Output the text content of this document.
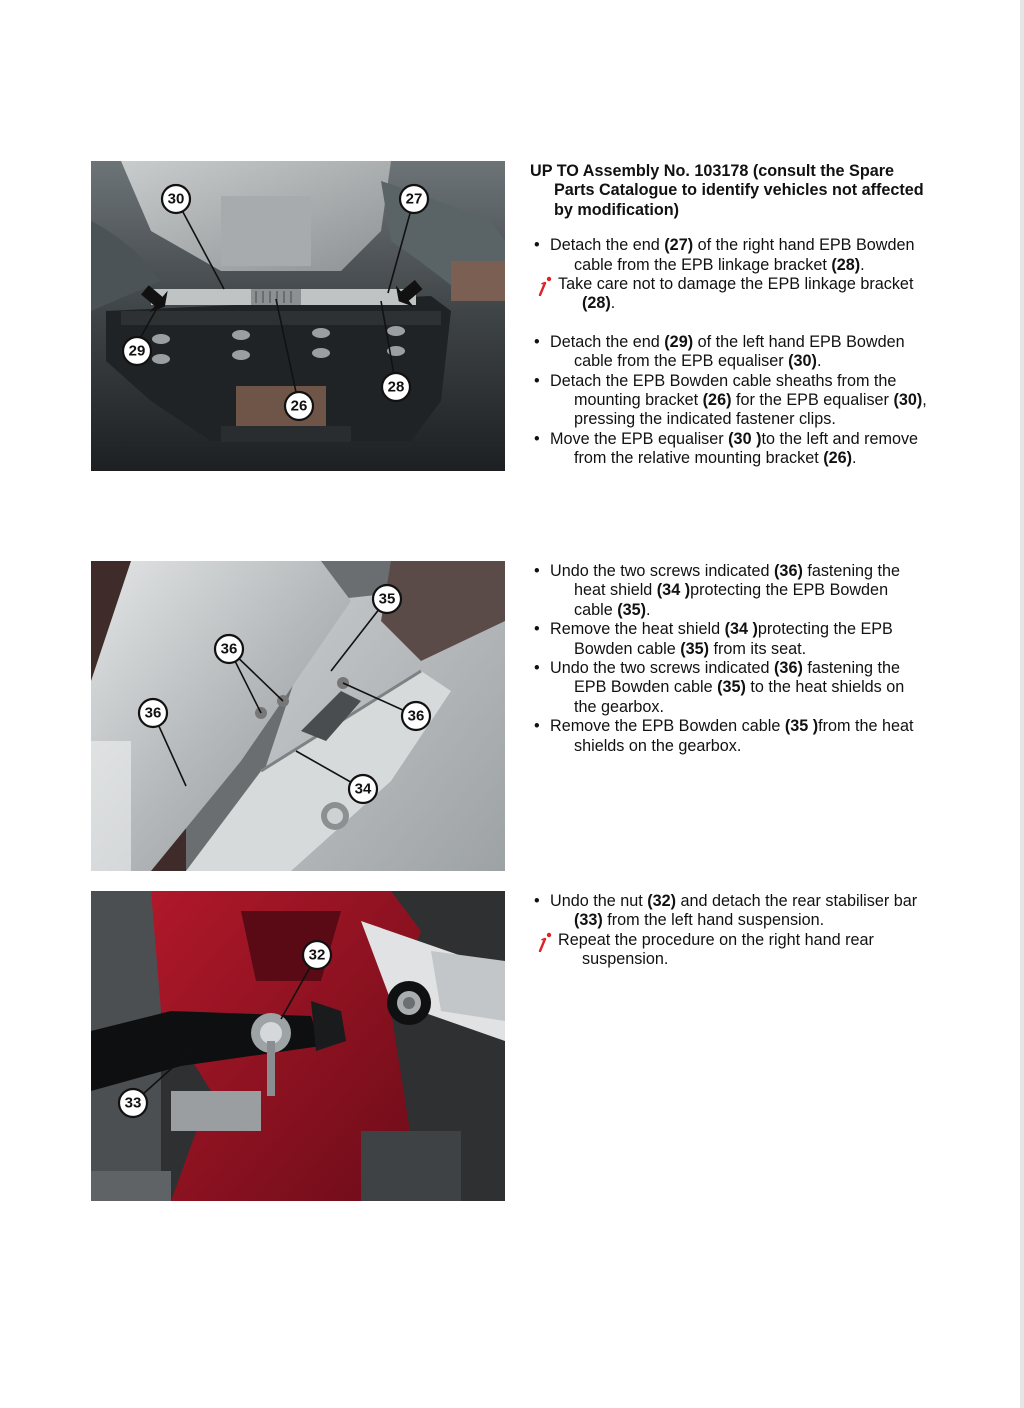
30	27
29
26
28

UP TO Assembly No. 103178 (consult the Spare Parts Catalogue to identify vehicles not affected by modification)

• Detach the end (27) of the right hand EPB Bowden cable from the EPB linkage bracket (28).

Take care not to damage the EPB linkage bracket (28).

• Detach the end (29) of the left hand EPB Bowden cable from the EPB equaliser (30).

• Detach the EPB Bowden cable sheaths from the mounting bracket (26) for the EPB equaliser (30), pressing the indicated fastener clips.

• Move the EPB equaliser (30 )to the left and remove from the relative mounting bracket (26).

35
36
36	36
34

• Undo the two screws indicated (36) fastening the heat shield (34 )protecting the EPB Bowden cable (35).

• Remove the heat shield (34 )protecting the EPB Bowden cable (35) from its seat.

• Undo the two screws indicated (36) fastening the EPB Bowden cable (35) to the heat shields on the gearbox.

• Remove the EPB Bowden cable (35 )from the heat shields on the gearbox.

32
33

• Undo the nut (32) and detach the rear stabiliser bar (33) from the left hand suspension.

Repeat the procedure on the right hand rear suspension.
